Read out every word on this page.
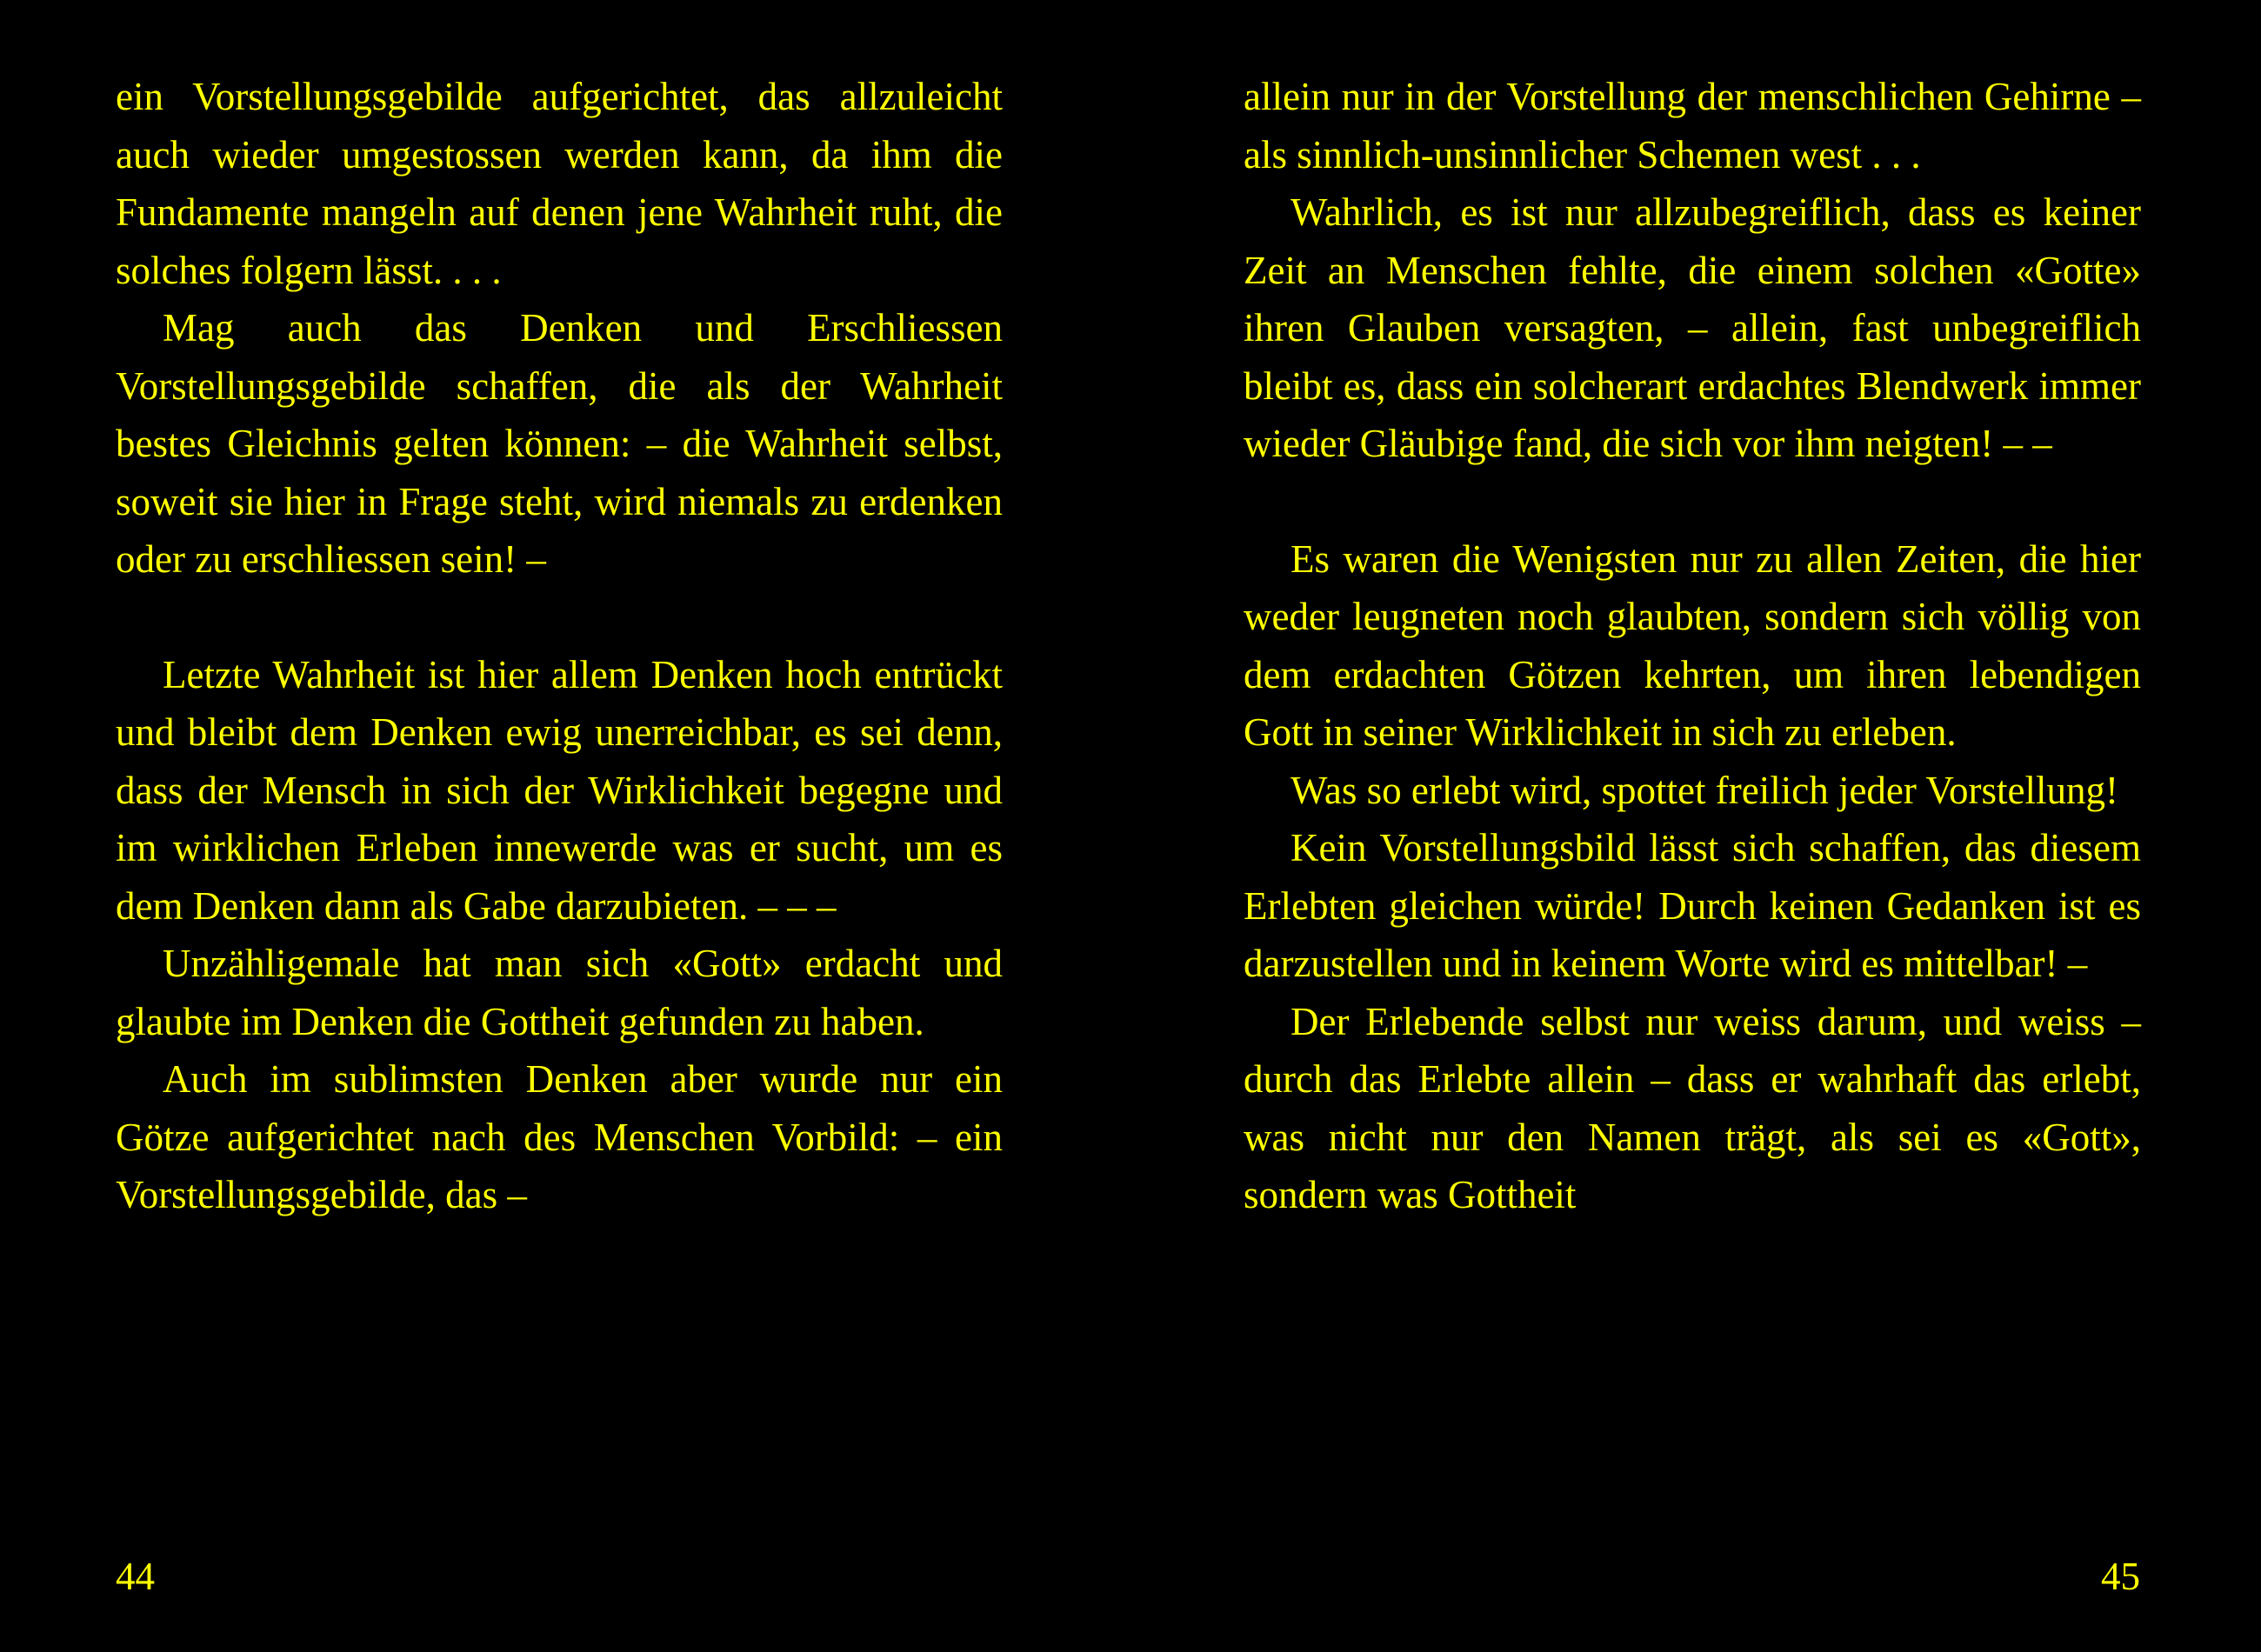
ein Vorstellungsgebilde aufgerichtet, das allzuleicht auch wieder umgestossen werden kann, da ihm die Fundamente mangeln auf denen jene Wahrheit ruht, die solches folgern lässt. . . .

Mag auch das Denken und Erschliessen Vorstellungsgebilde schaffen, die als der Wahrheit bestes Gleichnis gelten können: – die Wahrheit selbst, soweit sie hier in Frage steht, wird niemals zu erdenken oder zu erschliessen sein! –

Letzte Wahrheit ist hier allem Denken hoch entrückt und bleibt dem Denken ewig unerreichbar, es sei denn, dass der Mensch in sich der Wirklichkeit begegne und im wirklichen Erleben innewerde was er sucht, um es dem Denken dann als Gabe darzubieten. – – –

Unzähligemale hat man sich «Gott» erdacht und glaubte im Denken die Gottheit gefunden zu haben.

Auch im sublimsten Denken aber wurde nur ein Götze aufgerichtet nach des Menschen Vorbild: – ein Vorstellungsgebilde, das –

allein nur in der Vorstellung der menschlichen Gehirne – als sinnlich-unsinnlicher Schemen west . . .

Wahrlich, es ist nur allzubegreiflich, dass es keiner Zeit an Menschen fehlte, die einem solchen «Gotte» ihren Glauben versagten, – allein, fast unbegreiflich bleibt es, dass ein solcherart erdachtes Blendwerk immer wieder Gläubige fand, die sich vor ihm neigten! – –

Es waren die Wenigsten nur zu allen Zeiten, die hier weder leugneten noch glaubten, sondern sich völlig von dem erdachten Götzen kehrten, um ihren lebendigen Gott in seiner Wirklichkeit in sich zu erleben.

Was so erlebt wird, spottet freilich jeder Vorstellung!

Kein Vorstellungsbild lässt sich schaffen, das diesem Erlebten gleichen würde! Durch keinen Gedanken ist es darzustellen und in keinem Worte wird es mittelbar! –

Der Erlebende selbst nur weiss darum, und weiss – durch das Erlebte allein – dass er wahrhaft das erlebt, was nicht nur den Namen trägt, als sei es «Gott», sondern was Gottheit

44	45
